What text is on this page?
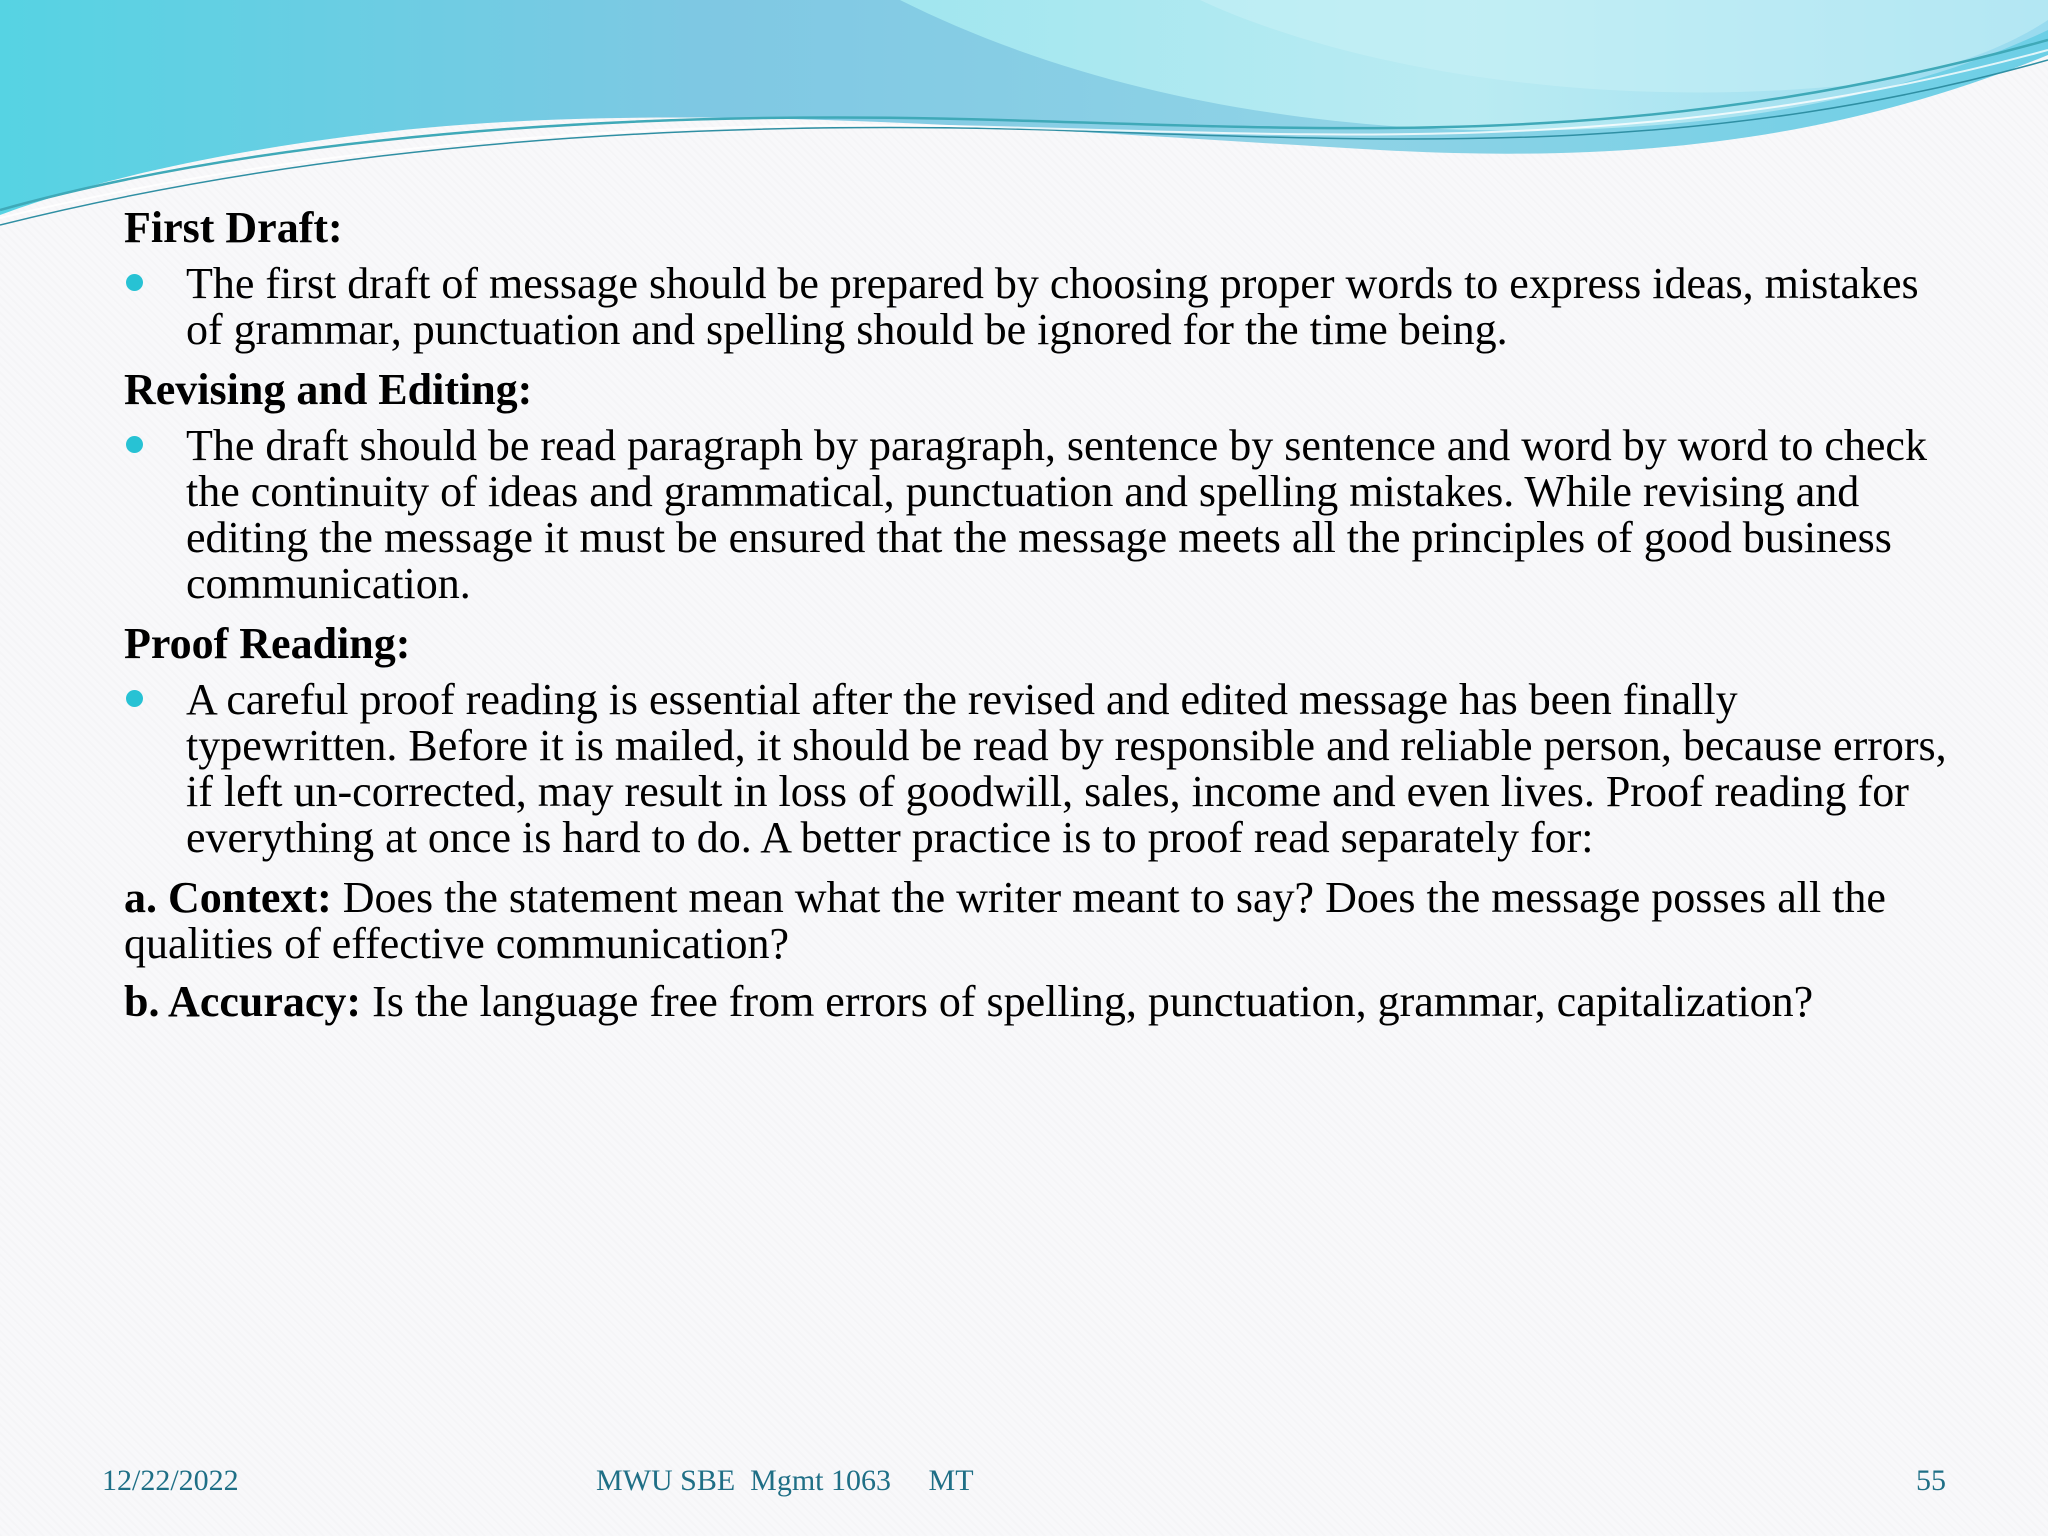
First Draft:
The first draft of message should be prepared by choosing proper words to express ideas, mistakes of grammar, punctuation and spelling should be ignored for the time being.
Revising and Editing:
The draft should be read paragraph by paragraph, sentence by sentence and word by word to check the continuity of ideas and grammatical, punctuation and spelling mistakes. While revising and editing the message it must be ensured that the message meets all the principles of good business communication.
Proof Reading:
A careful proof reading is essential after the revised and edited message has been finally typewritten. Before it is mailed, it should be read by responsible and reliable person, because errors, if left un-corrected, may result in loss of goodwill, sales, income and even lives. Proof reading for everything at once is hard to do. A better practice is to proof read separately for:
a. Context: Does the statement mean what the writer meant to say? Does the message posses all the qualities of effective communication?
b. Accuracy: Is the language free from errors of spelling, punctuation, grammar, capitalization?
12/22/2022	MWU SBE  Mgmt 1063     MT	55
